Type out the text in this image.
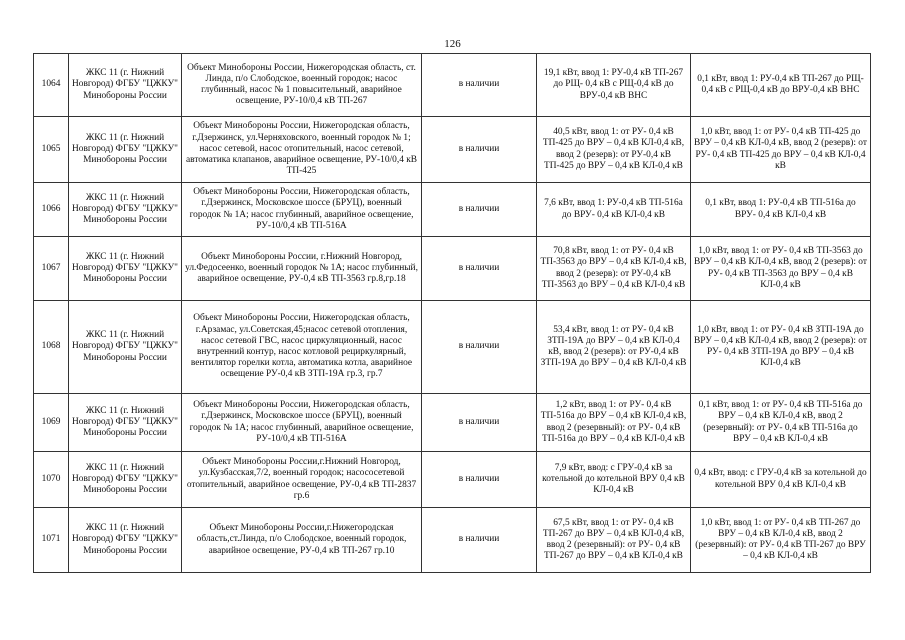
126
1064	ЖКС 11 (г. Нижний Новгород) ФГБУ "ЦЖКУ" Минобороны России	Объект Минобороны России, Нижегородская область, ст. Линда, п/о Слободское, военный городок; насос глубинный, насос № 1 повысительный, аварийное освещение, РУ-10/0,4 кВ ТП-267	в наличии	19,1 кВт, ввод 1: РУ-0,4 кВ ТП-267 до РЩ- 0,4 кВ с РЩ-0,4 кВ до ВРУ-0,4 кВ ВНС	0,1 кВт, ввод 1: РУ-0,4 кВ ТП-267 до РЩ- 0,4 кВ с РЩ-0,4 кВ до ВРУ-0,4 кВ ВНС
1065	ЖКС 11 (г. Нижний Новгород) ФГБУ "ЦЖКУ" Минобороны России	Объект Минобороны России, Нижегородская область, г.Дзержинск, ул.Черняховского, военный городок № 1; насос сетевой, насос отопительный, насос сетевой, автоматика клапанов, аварийное освещение, РУ-10/0,4 кВ ТП-425	в наличии	40,5 кВт, ввод 1: от РУ- 0,4 кВ ТП-425 до ВРУ – 0,4 кВ КЛ-0,4 кВ, ввод 2 (резерв): от РУ-0,4 кВ ТП-425 до ВРУ – 0,4 кВ КЛ-0,4 кВ	1,0 кВт, ввод 1: от РУ- 0,4 кВ ТП-425 до ВРУ – 0,4 кВ КЛ-0,4 кВ, ввод 2 (резерв): от РУ- 0,4 кВ ТП-425 до ВРУ – 0,4 кВ КЛ-0,4 кВ
1066	ЖКС 11 (г. Нижний Новгород) ФГБУ "ЦЖКУ" Минобороны России	Объект Минобороны России, Нижегородская область, г.Дзержинск, Московское шоссе (БРУЦ), военный городок № 1А; насос глубинный, аварийное освещение, РУ-10/0,4 кВ ТП-516А	в наличии	7,6 кВт, ввод 1: РУ-0,4 кВ ТП-516а до ВРУ- 0,4 кВ КЛ-0,4 кВ	0,1 кВт, ввод 1: РУ-0,4 кВ ТП-516а до ВРУ- 0,4 кВ КЛ-0,4 кВ
1067	ЖКС 11 (г. Нижний Новгород) ФГБУ "ЦЖКУ" Минобороны России	Объект Минобороны России, г.Нижний Новгород, ул.Федосеенко, военный городок № 1А; насос глубинный, аварийное освещение, РУ-0,4 кВ ТП-3563 гр.8,гр.18	в наличии	70,8 кВт, ввод 1: от РУ- 0,4 кВ ТП-3563 до ВРУ – 0,4 кВ КЛ-0,4 кВ, ввод 2 (резерв): от РУ-0,4 кВ ТП-3563 до ВРУ – 0,4 кВ КЛ-0,4 кВ	1,0 кВт, ввод 1: от РУ- 0,4 кВ ТП-3563 до ВРУ – 0,4 кВ КЛ-0,4 кВ, ввод 2 (резерв): от РУ- 0,4 кВ ТП-3563 до ВРУ – 0,4 кВ КЛ-0,4 кВ
1068	ЖКС 11 (г. Нижний Новгород) ФГБУ "ЦЖКУ" Минобороны России	Объект Минобороны России, Нижегородская область, г.Арзамас, ул.Советская,45;насос сетевой отопления, насос сетевой ГВС, насос циркуляционный, насос внутренний контур, насос котловой рециркулярный, вентилятор горелки котла, автоматика котла, аварийное освещение РУ-0,4 кВ ЗТП-19А гр.3, гр.7	в наличии	53,4 кВт, ввод 1: от РУ- 0,4 кВ ЗТП-19А до ВРУ – 0,4 кВ КЛ-0,4 кВ, ввод 2 (резерв): от РУ-0,4 кВ ЗТП-19А до ВРУ – 0,4 кВ КЛ-0,4 кВ	1,0 кВт, ввод 1: от РУ- 0,4 кВ ЗТП-19А до ВРУ – 0,4 кВ КЛ-0,4 кВ, ввод 2 (резерв): от РУ- 0,4 кВ ЗТП-19А до ВРУ – 0,4 кВ КЛ-0,4 кВ
1069	ЖКС 11 (г. Нижний Новгород) ФГБУ "ЦЖКУ" Минобороны России	Объект Минобороны России, Нижегородская область, г.Дзержинск, Московское шоссе (БРУЦ), военный городок № 1А; насос глубинный, аварийное освещение, РУ-10/0,4 кВ ТП-516А	в наличии	1,2 кВт, ввод 1: от РУ- 0,4 кВ ТП-516а до ВРУ – 0,4 кВ КЛ-0,4 кВ, ввод 2 (резервный): от РУ- 0,4 кВ ТП-516а до ВРУ – 0,4 кВ КЛ-0,4 кВ	0,1 кВт, ввод 1: от РУ- 0,4 кВ ТП-516а до ВРУ – 0,4 кВ КЛ-0,4 кВ, ввод 2 (резервный): от РУ- 0,4 кВ ТП-516а до ВРУ – 0,4 кВ КЛ-0,4 кВ
1070	ЖКС 11 (г. Нижний Новгород) ФГБУ "ЦЖКУ" Минобороны России	Объект Минобороны России,г.Нижний Новгород, ул.Кузбасская,7/2, военный городок; насососетевой отопительный, аварийное освещение, РУ-0,4 кВ ТП-2837 гр.6	в наличии	7,9 кВт, ввод: с ГРУ-0,4 кВ за котельной до котельной ВРУ 0,4 кВ КЛ-0,4 кВ	0,4 кВт, ввод: с ГРУ-0,4 кВ за котельной до котельной ВРУ 0,4 кВ КЛ-0,4 кВ
1071	ЖКС 11 (г. Нижний Новгород) ФГБУ "ЦЖКУ" Минобороны России	Объект Минобороны России,г.Нижегородская область,ст.Линда, п/о Слободское, военный городок, аварийное освещение, РУ-0,4 кВ ТП-267 гр.10	в наличии	67,5 кВт, ввод 1: от РУ- 0,4 кВ ТП-267 до ВРУ – 0,4 кВ КЛ-0,4 кВ, ввод 2 (резервный): от РУ- 0,4 кВ ТП-267 до ВРУ – 0,4 кВ КЛ-0,4 кВ	1,0 кВт, ввод 1: от РУ- 0,4 кВ ТП-267 до ВРУ – 0,4 кВ КЛ-0,4 кВ, ввод 2 (резервный): от РУ- 0,4 кВ ТП-267 до ВРУ – 0,4 кВ КЛ-0,4 кВ
